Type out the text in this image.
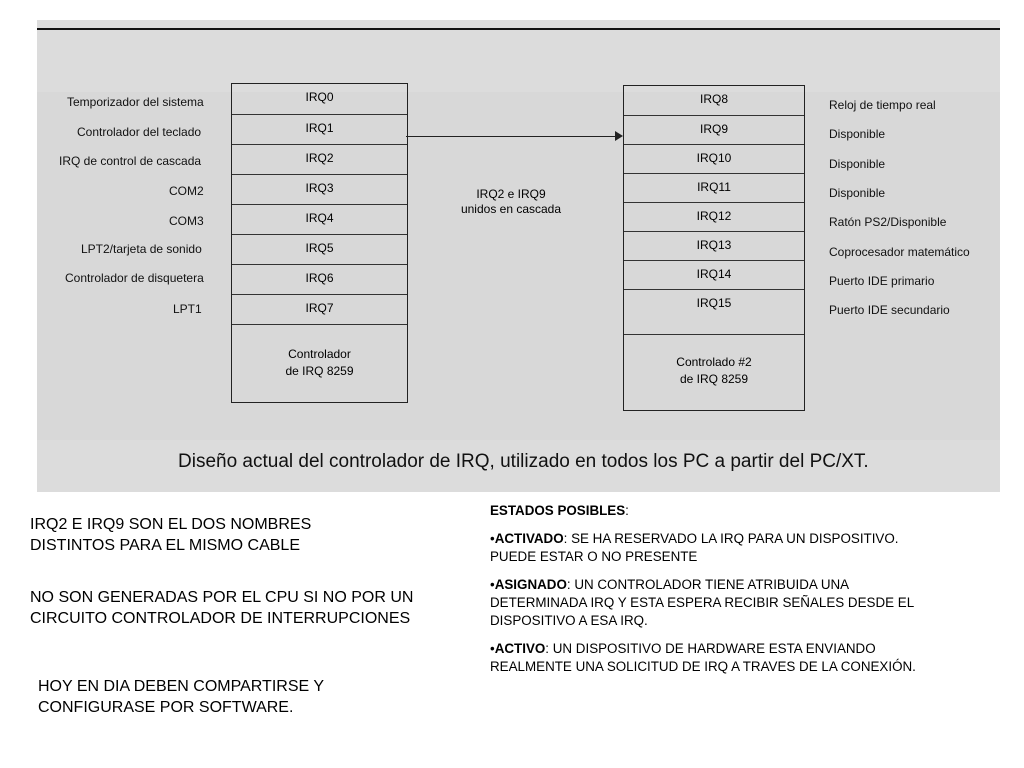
Temporizador del sistema
Controlador del teclado
IRQ de control de cascada
COM2
COM3
LPT2/tarjeta de sonido
Controlador de disquetera
LPT1
IRQ0
IRQ1
IRQ2
IRQ3
IRQ4
IRQ5
IRQ6
IRQ7
Controlador
de IRQ 8259
IRQ2 e IRQ9
unidos en cascada
IRQ8
IRQ9
IRQ10
IRQ11
IRQ12
IRQ13
IRQ14
IRQ15
Controlado #2
de IRQ 8259
Reloj de tiempo real
Disponible
Disponible
Disponible
Ratón PS2/Disponible
Coprocesador matemático
Puerto IDE primario
Puerto IDE secundario
Diseño actual del controlador de IRQ, utilizado en todos los PC a partir del PC/XT.
IRQ2 E IRQ9 SON EL DOS NOMBRES DISTINTOS PARA EL MISMO CABLE
NO SON GENERADAS POR EL CPU SI NO POR UN CIRCUITO CONTROLADOR DE INTERRUPCIONES
HOY EN DIA DEBEN COMPARTIRSE Y CONFIGURASE POR SOFTWARE.

ESTADOS POSIBLES:

•ACTIVADO: SE HA RESERVADO LA IRQ PARA UN DISPOSITIVO. PUEDE ESTAR O NO PRESENTE

•ASIGNADO: UN CONTROLADOR TIENE ATRIBUIDA UNA DETERMINADA IRQ Y ESTA ESPERA RECIBIR SEÑALES DESDE EL DISPOSITIVO A ESA IRQ.

•ACTIVO: UN DISPOSITIVO DE HARDWARE ESTA ENVIANDO REALMENTE UNA SOLICITUD DE IRQ A TRAVES DE LA CONEXIÓN.
